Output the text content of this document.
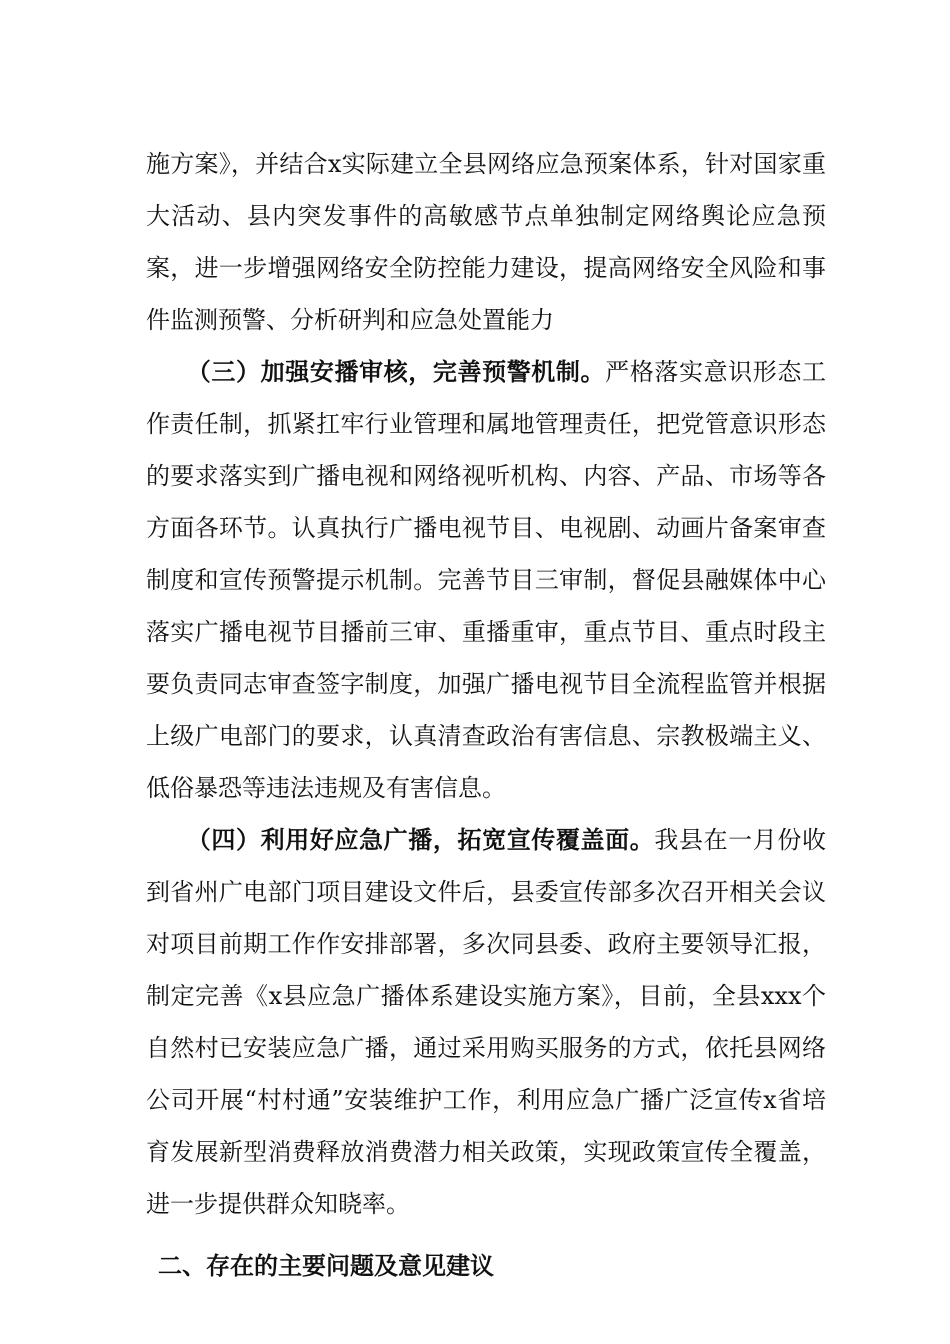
施方案》，并结合x实际建立全县网络应急预案体系，针对国家重大活动、县内突发事件的高敏感节点单独制定网络舆论应急预案，进一步增强网络安全防控能力建设，提高网络安全风险和事件监测预警、分析研判和应急处置能力

（三）加强安播审核，完善预警机制。严格落实意识形态工作责任制，抓紧扛牢行业管理和属地管理责任，把党管意识形态的要求落实到广播电视和网络视听机构、内容、产品、市场等各方面各环节。认真执行广播电视节目、电视剧、动画片备案审查制度和宣传预警提示机制。完善节目三审制，督促县融媒体中心落实广播电视节目播前三审、重播重审，重点节目、重点时段主要负责同志审查签字制度，加强广播电视节目全流程监管并根据上级广电部门的要求，认真清查政治有害信息、宗教极端主义、低俗暴恐等违法违规及有害信息。

（四）利用好应急广播，拓宽宣传覆盖面。我县在一月份收到省州广电部门项目建设文件后，县委宣传部多次召开相关会议对项目前期工作作安排部署，多次同县委、政府主要领导汇报，制定完善《x县应急广播体系建设实施方案》，目前，全县xxx个自然村已安装应急广播，通过采用购买服务的方式，依托县网络公司开展“村村通”安装维护工作，利用应急广播广泛宣传x省培育发展新型消费释放消费潜力相关政策，实现政策宣传全覆盖，进一步提供群众知晓率。

二、存在的主要问题及意见建议
